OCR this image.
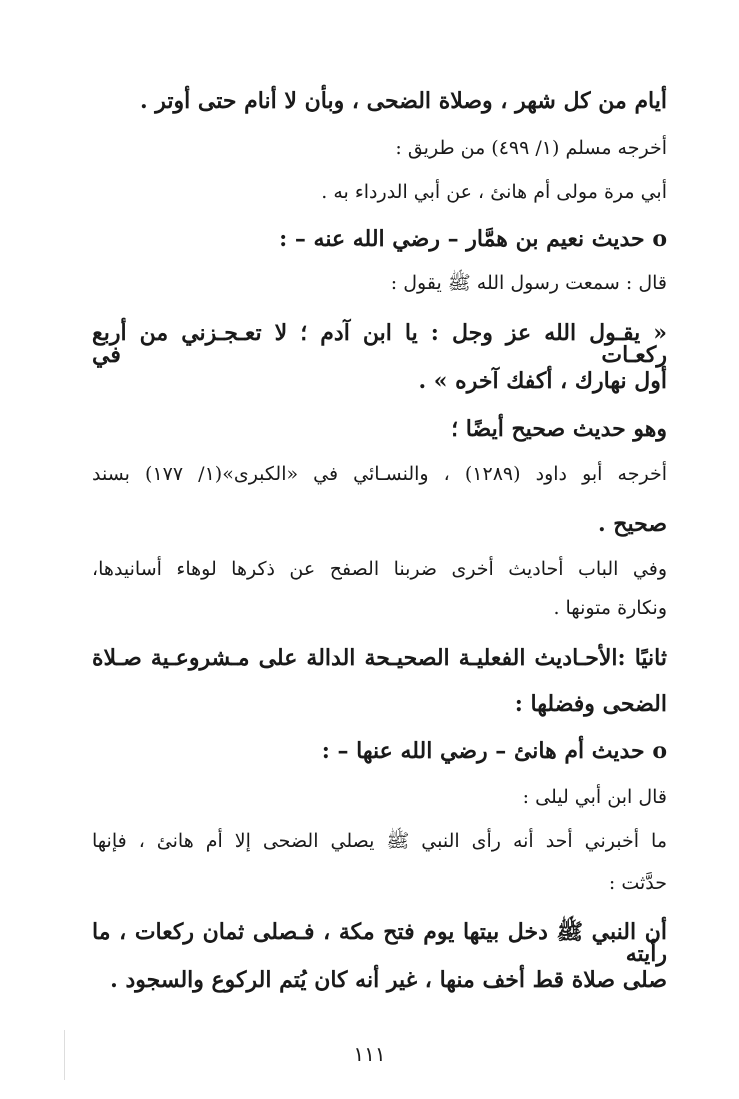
أيام من كل شهر ، وصلاة الضحى ، وبأن لا أنام حتى أوتر .
أخرجه مسلم (١/ ٤٩٩) من طريق :
أبي مرة مولى أم هانئ ، عن أبي الدرداء به .
o حديث نعيم بن همَّار – رضي الله عنه – :
قال : سمعت رسول الله ﷺ يقول :
« يقـول الله عز وجل : يا ابن آدم ؛ لا تعـجـزني من أربع ركعـات في
أول نهارك ، أكفك آخره » .
وهو حديث صحيح أيضًا ؛
أخرجه أبو داود (١٢٨٩) ، والنسـائي في «الكبرى»(١/ ١٧٧) بسند
صحيح .
وفي الباب أحاديث أخرى ضربنا الصفح عن ذكرها لوهاء أسانيدها،
ونكارة متونها .
ثانيًا :الأحـاديث الفعليـة الصحيـحة الدالة على مـشروعـية صـلاة
الضحى وفضلها :
o حديث أم هانئ – رضي الله عنها – :
قال ابن أبي ليلى :
ما أخبرني أحد أنه رأى النبي ﷺ يصلي الضحى إلا أم هانئ ، فإنها
حدَّثت :
أن النبي ﷺ دخل بيتها يوم فتح مكة ، فـصلى ثمان ركعات ، ما رأيته
صلى صلاة قط أخف منها ، غير أنه كان يُتم الركوع والسجود .
١١١
